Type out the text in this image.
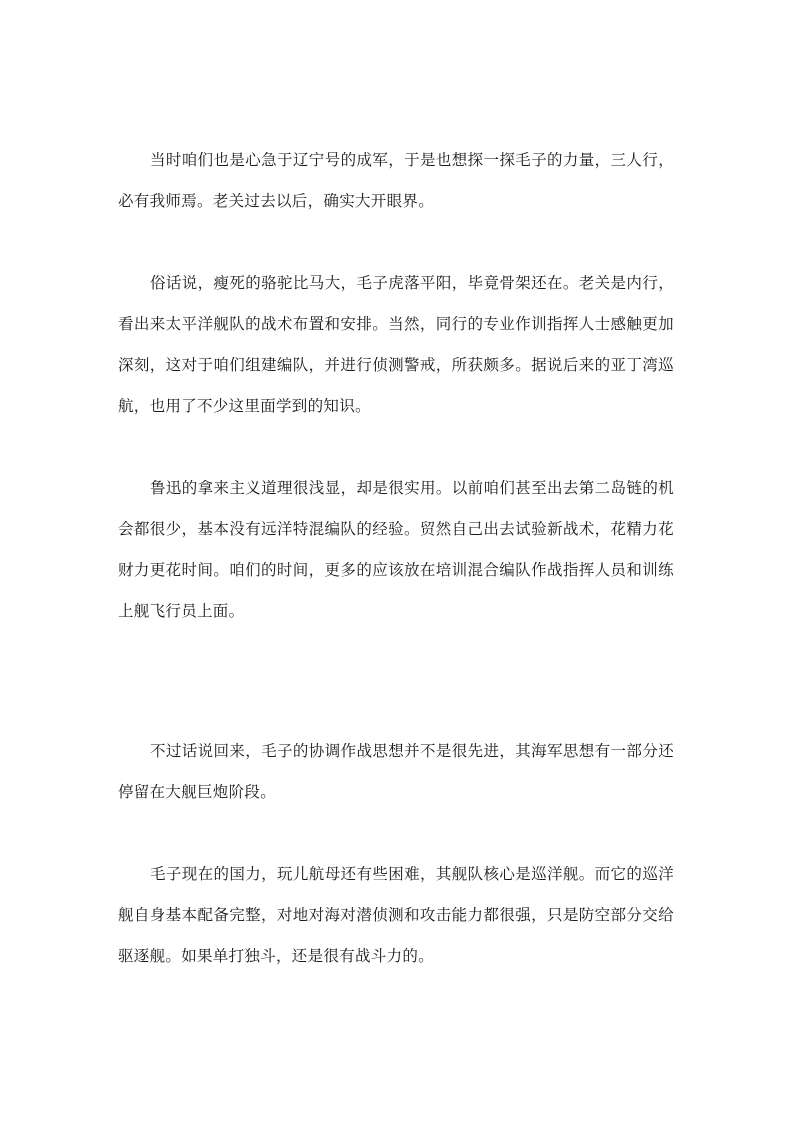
当时咱们也是心急于辽宁号的成军，于是也想探一探毛子的力量，三人行，必有我师焉。老关过去以后，确实大开眼界。

俗话说，瘦死的骆驼比马大，毛子虎落平阳，毕竟骨架还在。老关是内行，看出来太平洋舰队的战术布置和安排。当然，同行的专业作训指挥人士感触更加深刻，这对于咱们组建编队，并进行侦测警戒，所获颇多。据说后来的亚丁湾巡航，也用了不少这里面学到的知识。

鲁迅的拿来主义道理很浅显，却是很实用。以前咱们甚至出去第二岛链的机会都很少，基本没有远洋特混编队的经验。贸然自己出去试验新战术，花精力花财力更花时间。咱们的时间，更多的应该放在培训混合编队作战指挥人员和训练上舰飞行员上面。

不过话说回来，毛子的协调作战思想并不是很先进，其海军思想有一部分还停留在大舰巨炮阶段。

毛子现在的国力，玩儿航母还有些困难，其舰队核心是巡洋舰。而它的巡洋舰自身基本配备完整，对地对海对潜侦测和攻击能力都很强，只是防空部分交给驱逐舰。如果单打独斗，还是很有战斗力的。
